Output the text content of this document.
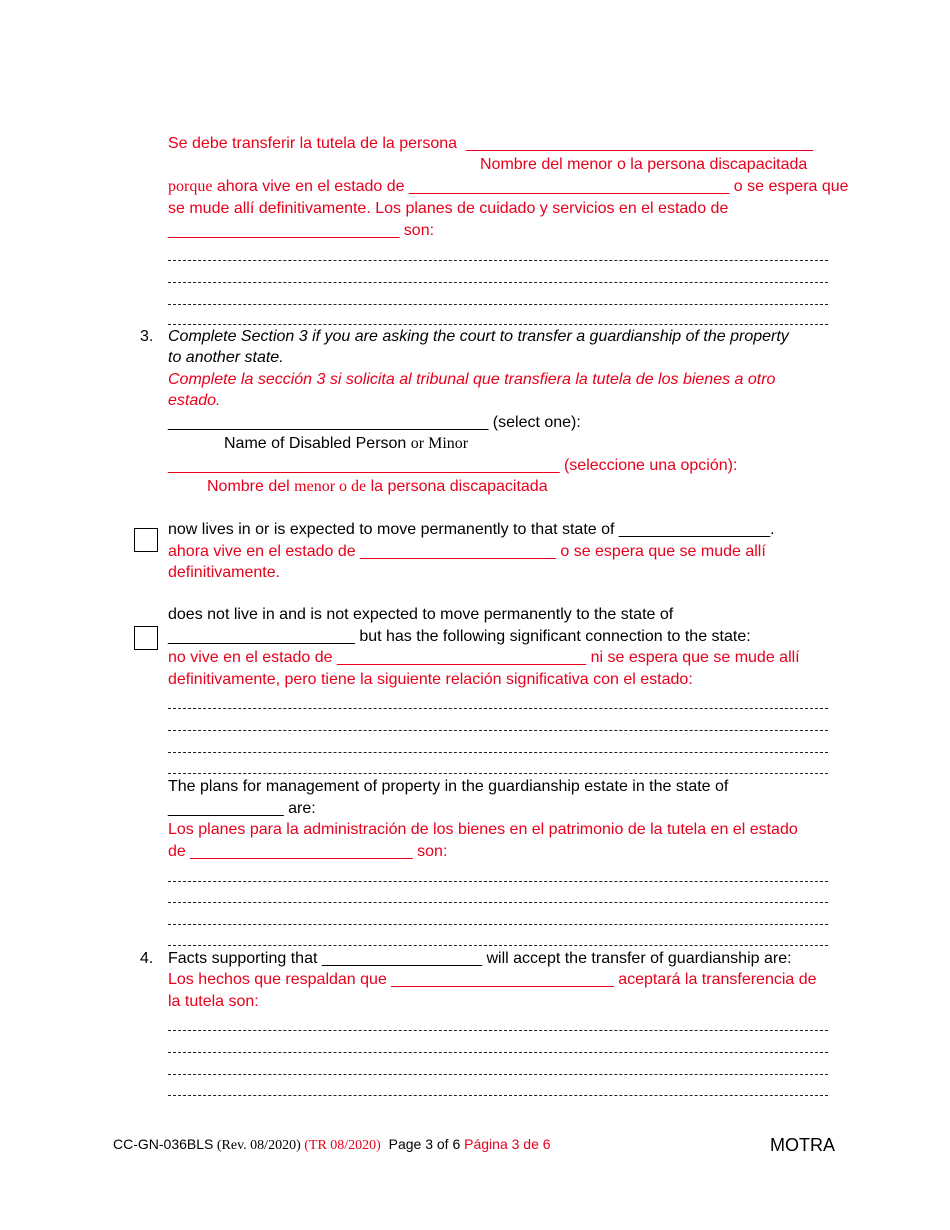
Se debe transferir la tutela de la persona _______________________________________
Nombre del menor o la persona discapacitada
porque ahora vive en el estado de ____________________________________ o se espera que
se mude allí definitivamente. Los planes de cuidado y servicios en el estado de
__________________________ son:
3. Complete Section 3 if you are asking the court to transfer a guardianship of the property
to another state.
Complete la sección 3 si solicita al tribunal que transfiera la tutela de los bienes a otro
estado.
____________________________________ (select one):
Name of Disabled Person or Minor
____________________________________________ (seleccione una opción):
Nombre del menor o de la persona discapacitada
now lives in or is expected to move permanently to that state of _________________.
ahora vive en el estado de ______________________ o se espera que se mude allí
definitivamente.
does not live in and is not expected to move permanently to the state of
_____________________ but has the following significant connection to the state:
no vive en el estado de ____________________________ ni se espera que se mude allí
definitivamente, pero tiene la siguiente relación significativa con el estado:
The plans for management of property in the guardianship estate in the state of
_____________ are:
Los planes para la administración de los bienes en el patrimonio de la tutela en el estado
de _________________________ son:
4. Facts supporting that __________________ will accept the transfer of guardianship are:
Los hechos que respaldan que _________________________ aceptará la transferencia de
la tutela son:
CC-GN-036BLS (Rev. 08/2020) (TR 08/2020)  Page 3 of 6 Página 3 de 6	MOTRA
